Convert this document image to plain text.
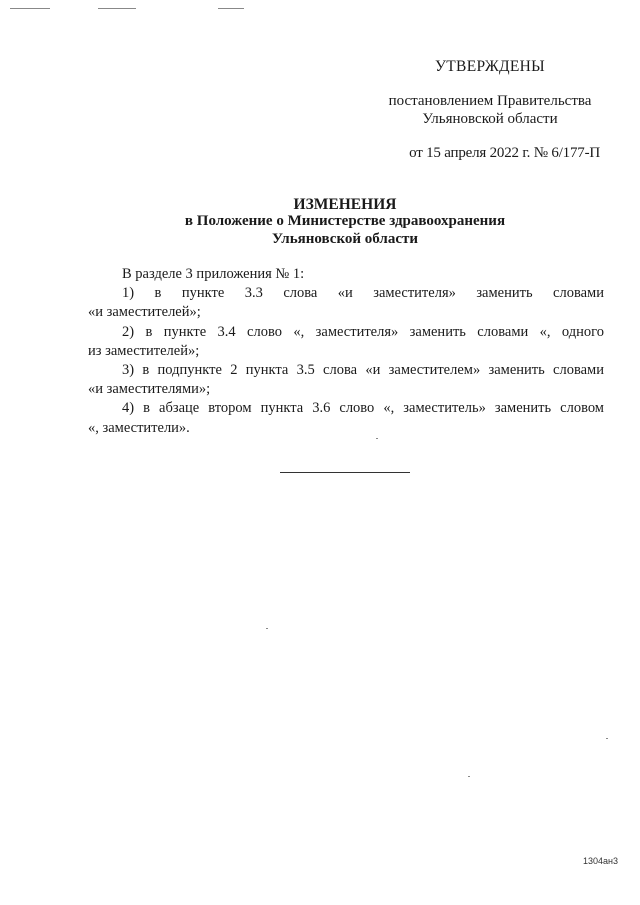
УТВЕРЖДЕНЫ
постановлением Правительства
Ульяновской области
от 15 апреля 2022 г. № 6/177-П
ИЗМЕНЕНИЯ
в Положение о Министерстве здравоохранения
Ульяновской области

В разделе 3 приложения № 1:

1) в пункте 3.3 слова «и заместителя» заменить словами

«и заместителей»;

2) в пункте 3.4 слово «, заместителя» заменить словами «, одного

из заместителей»;

3) в подпункте 2 пункта 3.5 слова «и заместителем» заменить словами

«и заместителями»;

4) в абзаце втором пункта 3.6 слово «, заместитель» заменить словом

«, заместители».

1304ан3
